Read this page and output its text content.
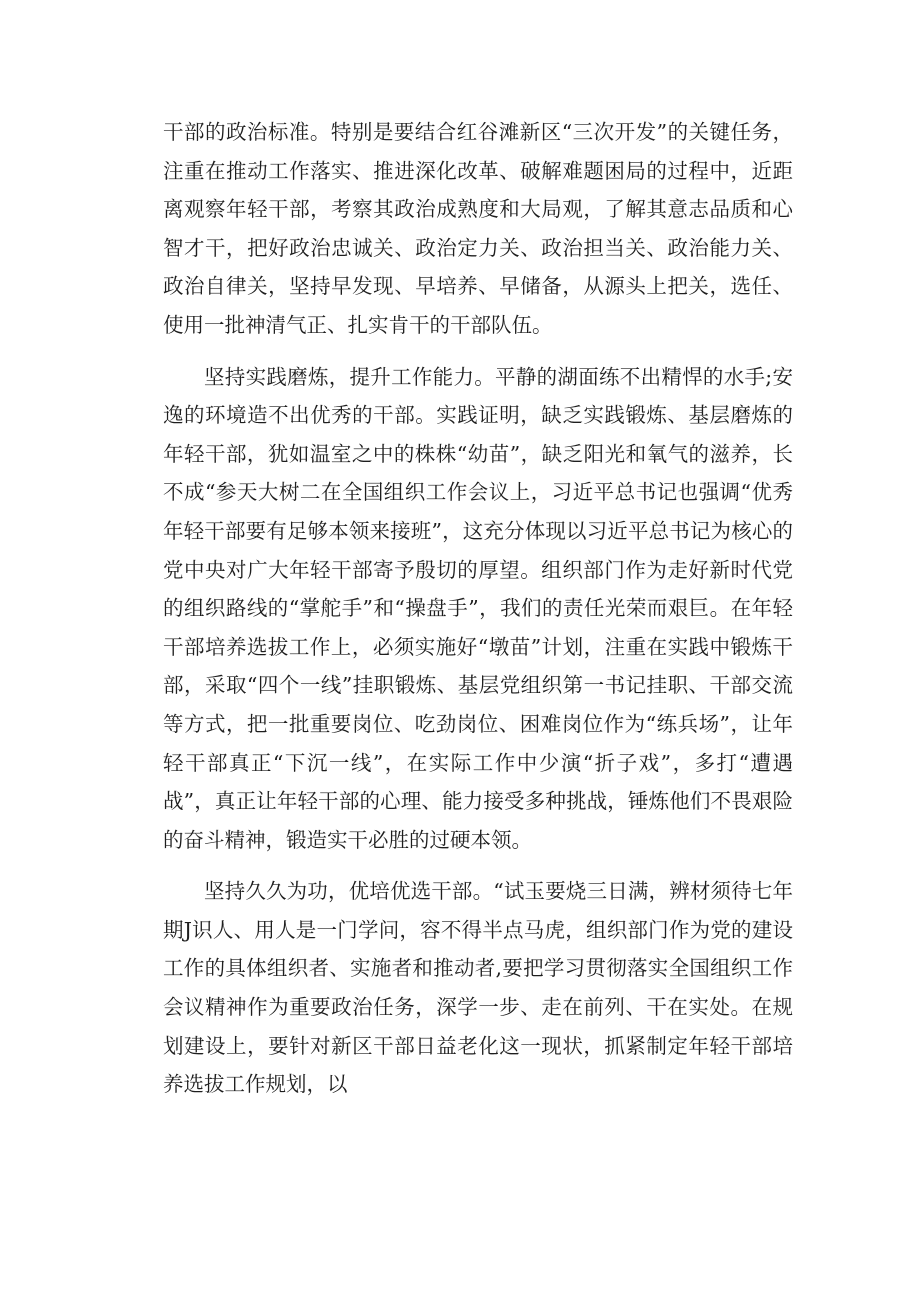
干部的政治标准。特别是要结合红谷滩新区“三次开发”的关键任务，注重在推动工作落实、推进深化改革、破解难题困局的过程中，近距离观察年轻干部，考察其政治成熟度和大局观，了解其意志品质和心智才干，把好政治忠诚关、政治定力关、政治担当关、政治能力关、政治自律关，坚持早发现、早培养、早储备，从源头上把关，选任、使用一批神清气正、扎实肯干的干部队伍。

坚持实践磨炼，提升工作能力。平静的湖面练不出精悍的水手;安逸的环境造不出优秀的干部。实践证明，缺乏实践锻炼、基层磨炼的年轻干部，犹如温室之中的株株“幼苗”，缺乏阳光和氧气的滋养，长不成“参天大树二在全国组织工作会议上，习近平总书记也强调“优秀年轻干部要有足够本领来接班”，这充分体现以习近平总书记为核心的党中央对广大年轻干部寄予殷切的厚望。组织部门作为走好新时代党的组织路线的“掌舵手”和“操盘手”，我们的责任光荣而艰巨。在年轻干部培养选拔工作上，必须实施好“墩苗”计划，注重在实践中锻炼干部，采取“四个一线”挂职锻炼、基层党组织第一书记挂职、干部交流等方式，把一批重要岗位、吃劲岗位、困难岗位作为“练兵场”，让年轻干部真正“下沉一线”，在实际工作中少演“折子戏”，多打“遭遇战”，真正让年轻干部的心理、能力接受多种挑战，锤炼他们不畏艰险的奋斗精神，锻造实干必胜的过硬本领。

坚持久久为功，优培优选干部。“试玉要烧三日满，辨材须待七年期J识人、用人是一门学问，容不得半点马虎，组织部门作为党的建设工作的具体组织者、实施者和推动者,要把学习贯彻落实全国组织工作会议精神作为重要政治任务，深学一步、走在前列、干在实处。在规划建设上，要针对新区干部日益老化这一现状，抓紧制定年轻干部培养选拔工作规划，以
